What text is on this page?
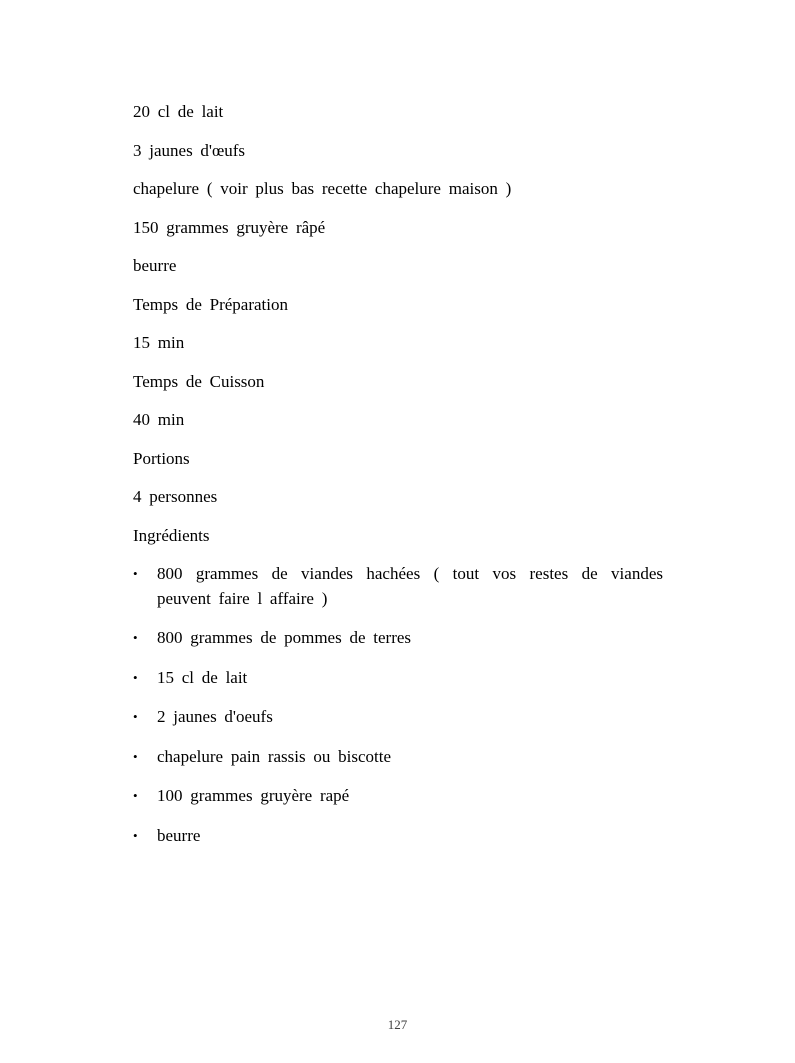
20 cl de lait

3 jaunes d'œufs

chapelure ( voir plus bas recette chapelure maison )

150 grammes gruyère râpé

beurre

Temps de Préparation

15 min

Temps de Cuisson

40 min

Portions

4 personnes

Ingrédients

•	800 grammes de viandes hachées ( tout vos restes de viandes peuvent faire l affaire )
•	800 grammes de pommes de terres
•	15 cl de lait
•	2 jaunes d'oeufs
•	chapelure pain rassis ou biscotte
•	100 grammes gruyère rapé
•	beurre
127
